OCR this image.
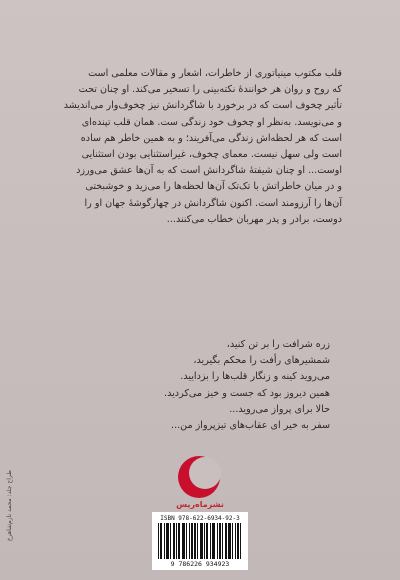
قلب مکتوب مینیاتوری از خاطرات، اشعار و مقالات معلمی است

که روح و روان هر خوانندهٔ نکته‌بینی را تسخیر می‌کند. او چنان تحت

تأثیر چخوف است که در برخورد با شاگردانش نیز چخوف‌وار می‌اندیشد

و می‌نویسد. به‌نظر او چخوف خود زندگی ست. همان قلب تپنده‌ای

است که هر لحظه‌اش زندگی می‌آفریند؛ و به همین خاطر هم ساده

است ولی سهل نیست. معمای چخوف، غیراستثنایی بودن استثنایی

اوست... او چنان شیفتهٔ شاگردانش است که به آن‌ها عشق می‌ورزد

و در میان خاطراتش با تک‌تک آن‌ها لحظه‌ها را می‌زید و خوشبختی

آن‌ها را آرزومند است. اکنون شاگردانش در چهارگوشهٔ جهان او را

دوست، برادر و پدر مهربان خطاب می‌کنند...

زره شرافت را بر تن کنید،
شمشیرهای رأفت را محکم بگیرید،
می‌روید کینه و زنگار قلب‌ها را بزدایید.
همین دیروز بود که جست و خیز می‌کردید.
حالا برای پرواز می‌روید...
سفر به خیر ای عقاب‌های تیزپرواز من...
نشرماه‌ریس
طراح جلد: محمد نازم‌شاهرخ	ISBN 978-622-6934-92-3
9 786226 934923
